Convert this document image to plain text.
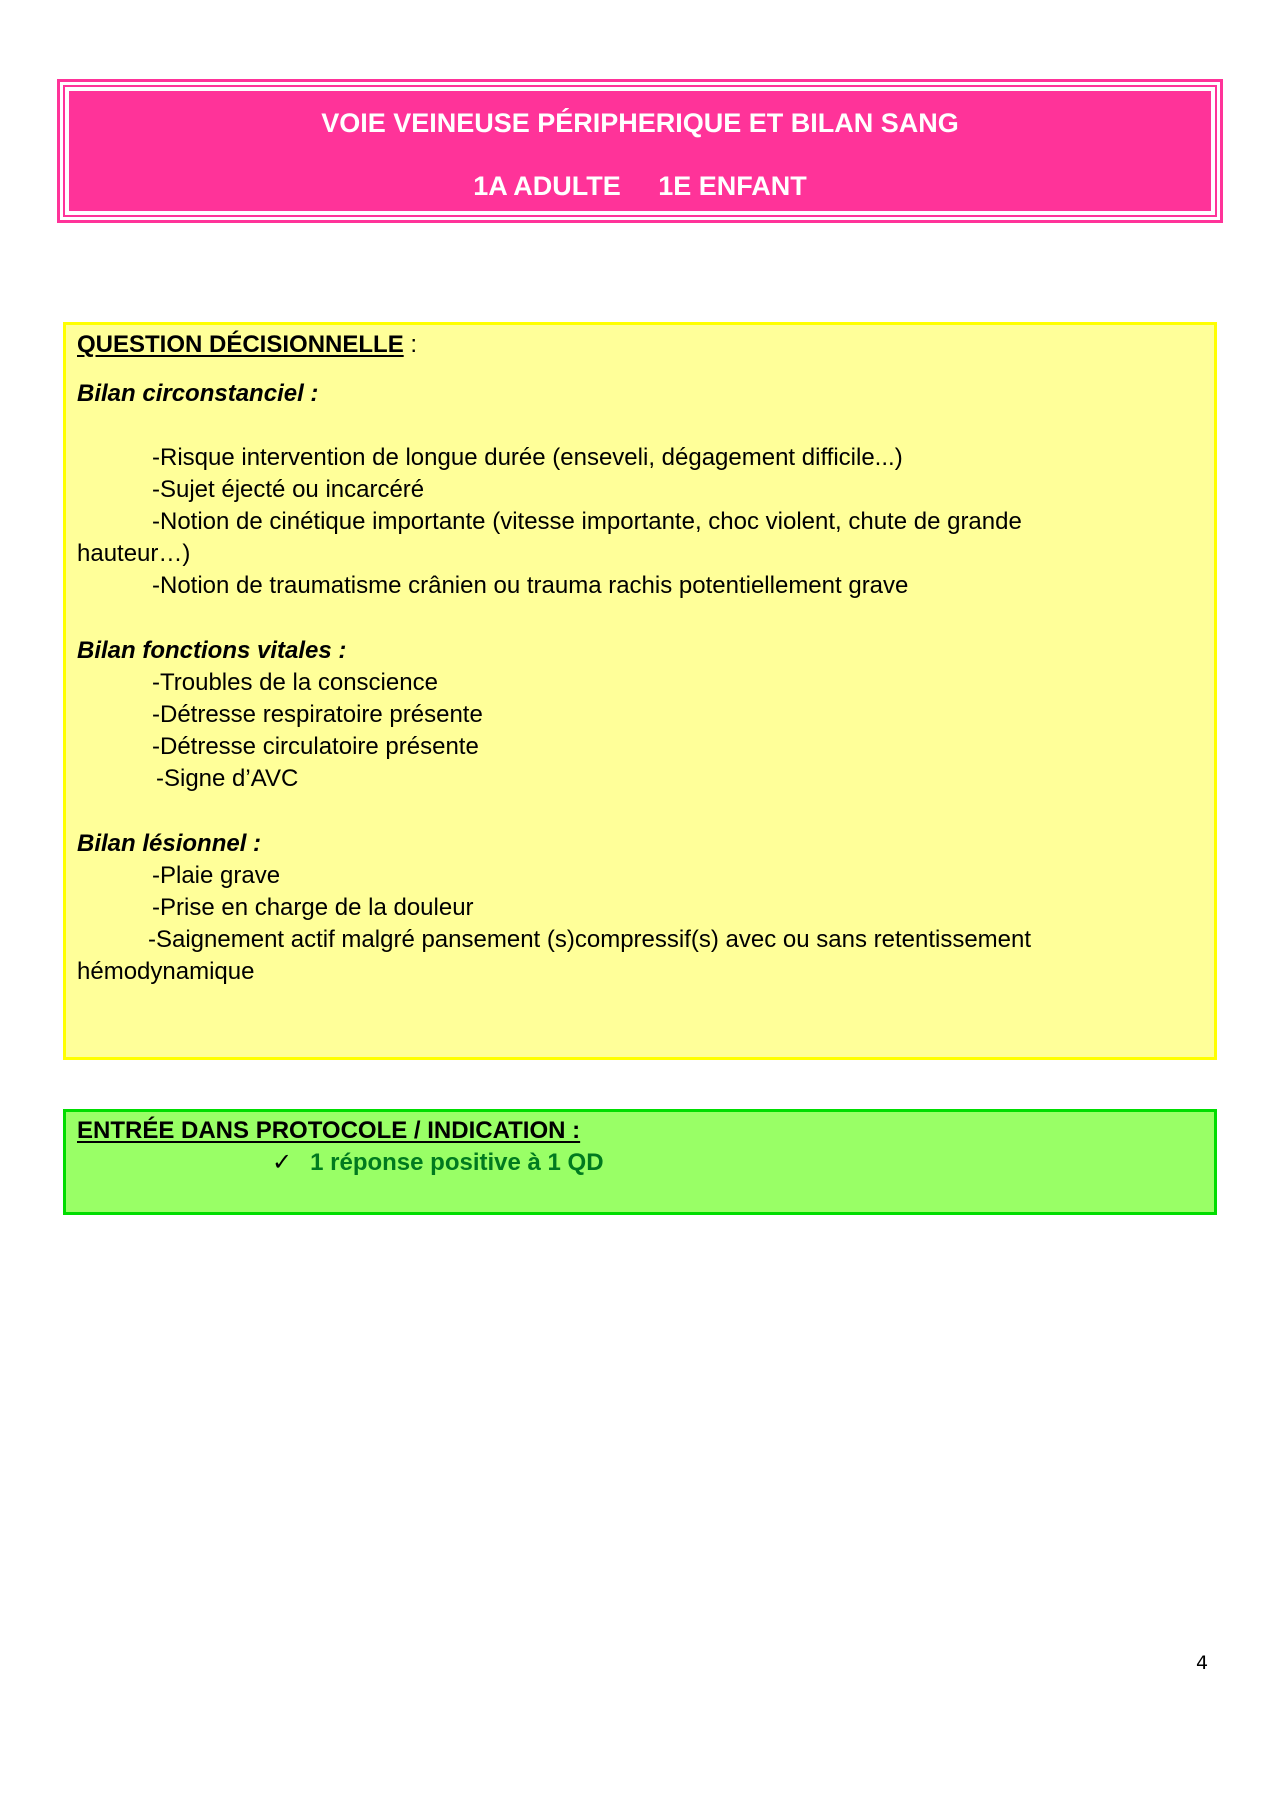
VOIE VEINEUSE PÉRIPHERIQUE ET BILAN SANG
1A ADULTE     1E ENFANT
QUESTION DÉCISIONNELLE :
Bilan circonstanciel :
-Risque intervention de longue durée (enseveli, dégagement difficile...)
-Sujet éjecté ou incarcéré
-Notion de cinétique importante (vitesse importante, choc violent, chute de grande
hauteur…)
-Notion de traumatisme crânien ou trauma rachis potentiellement grave
Bilan fonctions vitales :
-Troubles de la conscience
-Détresse respiratoire présente
-Détresse circulatoire présente
-Signe d’AVC
Bilan lésionnel :
-Plaie grave
-Prise en charge de la douleur
-Saignement actif malgré pansement (s)compressif(s) avec ou sans retentissement
hémodynamique
ENTRÉE DANS PROTOCOLE / INDICATION :
✓ 1 réponse positive à 1 QD
4
